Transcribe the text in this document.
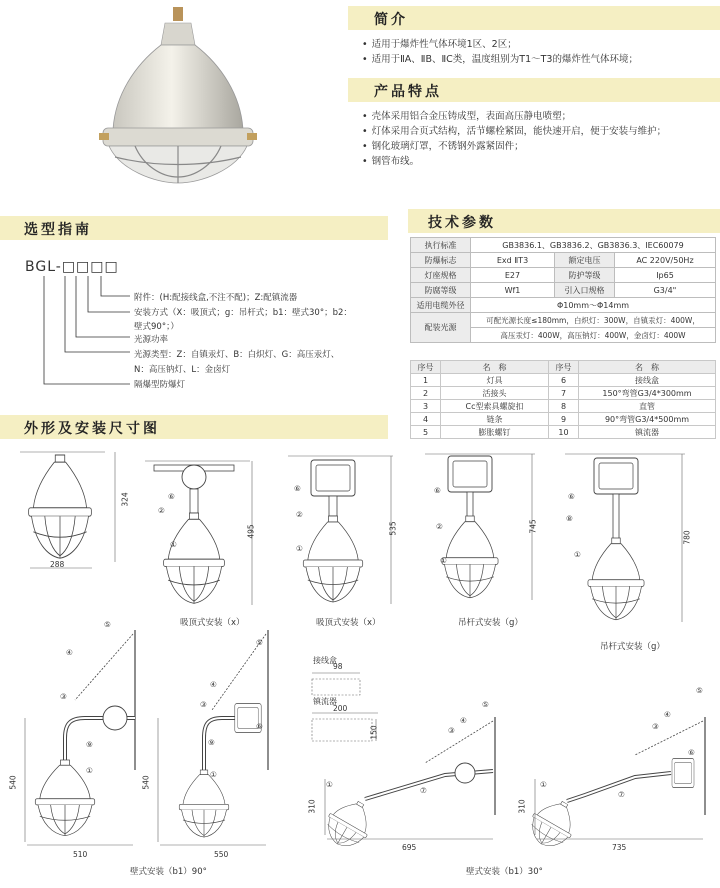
简介
• 适用于爆炸性气体环境1区、2区；
• 适用于ⅡA、ⅡB、ⅡC类，温度组别为T1～T3的爆炸性气体环境；
产品特点
• 壳体采用铝合金压铸成型，表面高压静电喷塑；
• 灯体采用合页式结构，活节螺栓紧固，能快速开启，便于安装与维护；
• 钢化玻璃灯罩，不锈钢外露紧固件；
• 钢管布线。
选型指南
BGL-□□□□
附件：(H:配接线盒,不注不配)；Z:配镇流器
安装方式（X：吸顶式；g：吊杆式；b1：壁式30°；b2：
壁式90°；）
光源功率
光源类型：Z：自镇汞灯、B：白炽灯、G：高压汞灯、
N：高压钠灯、L：金卤灯
隔爆型防爆灯
技术参数
执行标准	GB3836.1、GB3836.2、GB3836.3、IEC60079		
防爆标志	Exd ⅡT3	额定电压	AC 220V/50Hz
灯座规格	E27	防护等级	Ip65
防腐等级	Wf1	引入口规格	G3/4"
适用电缆外径	Φ10mm～Φ14mm		
配装光源	可配光源长度≤180mm，白炽灯：300W，自镇汞灯：400W，		
	高压汞灯：400W，高压钠灯：400W，金卤灯：400W		
序号	名　称	序号	名　称
1	灯具	6	接线盒
2	活接头	7	150°弯管G3/4*300mm
3	Cc型索具螺旋扣	8	直管
4	链条	9	90°弯管G3/4*500mm
5	膨胀螺钉	10	镇流器
外形及安装尺寸图
288
324
495
吸顶式安装（x）
535
吸顶式安装（x）
745
吊杆式安装（g）
780
吊杆式安装（g）
510
540
550
540
壁式安装（b1）90°
接线盒
98
镇流器
200
150
695
310
壁式安装（b1）30°
735
310
⑥
②
①
⑥
②
①
⑥
②
①
⑥
⑧
①
⑤
④
③
⑨
①
⑤
④
③
⑨
①
⑥
⑤
④
③
⑦
①
⑤
④
③
⑥
⑦
①
